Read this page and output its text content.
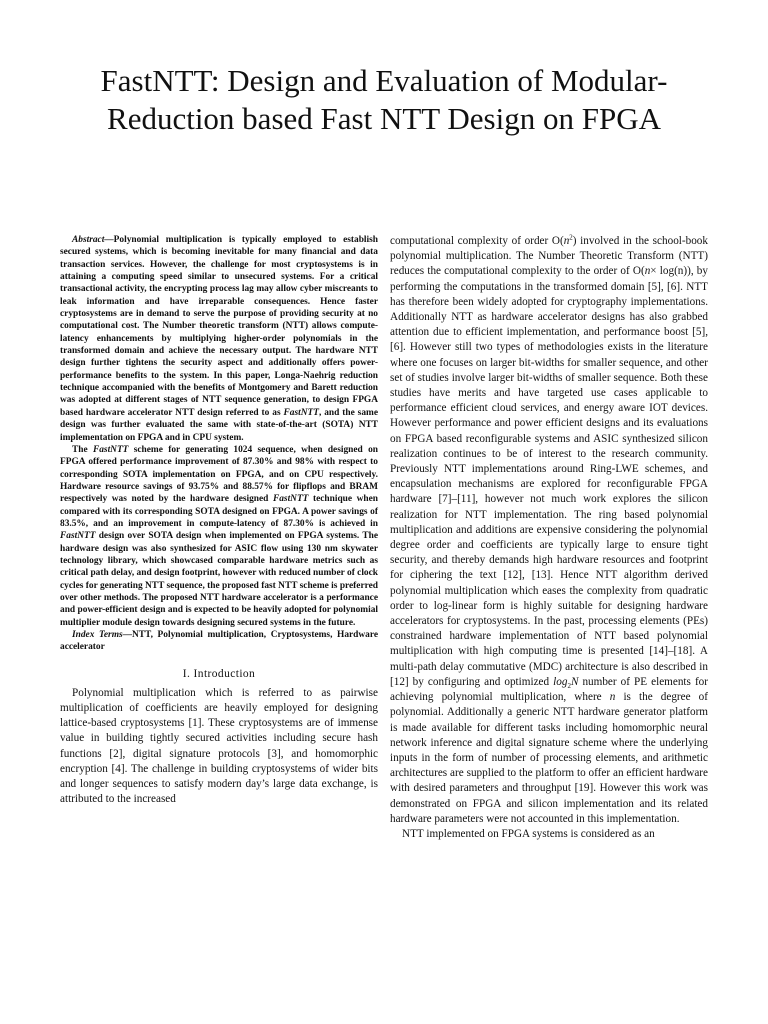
FastNTT: Design and Evaluation of Modular-Reduction based Fast NTT Design on FPGA

Abstract—Polynomial multiplication is typically employed to establish secured systems, which is becoming inevitable for many financial and data transaction services. However, the challenge for most cryptosystems is in attaining a computing speed similar to unsecured systems. For a critical transactional activity, the encrypting process lag may allow cyber miscreants to leak information and have irreparable consequences. Hence faster cryptosystems are in demand to serve the purpose of providing security at no computational cost. The Number theoretic transform (NTT) allows compute-latency enhancements by multiplying higher-order polynomials in the transformed domain and achieve the necessary output. The hardware NTT design further tightens the security aspect and additionally offers power-performance benefits to the system. In this paper, Longa-Naehrig reduction technique accompanied with the benefits of Montgomery and Barett reduction was adopted at different stages of NTT sequence generation, to design FPGA based hardware accelerator NTT design referred to as FastNTT, and the same design was further evaluated the same with state-of-the-art (SOTA) NTT implementation on FPGA and in CPU system.

The FastNTT scheme for generating 1024 sequence, when designed on FPGA offered performance improvement of 87.30% and 98% with respect to corresponding SOTA implementation on FPGA, and on CPU respectively. Hardware resource savings of 93.75% and 88.57% for flipflops and BRAM respectively was noted by the hardware designed FastNTT technique when compared with its corresponding SOTA designed on FPGA. A power savings of 83.5%, and an improvement in compute-latency of 87.30% is achieved in FastNTT design over SOTA design when implemented on FPGA systems. The hardware design was also synthesized for ASIC flow using 130 nm skywater technology library, which showcased comparable hardware metrics such as critical path delay, and design footprint, however with reduced number of clock cycles for generating NTT sequence, the proposed fast NTT scheme is preferred over other methods. The proposed NTT hardware accelerator is a performance and power-efficient design and is expected to be heavily adopted for polynomial multiplier module design towards designing secured systems in the future.

Index Terms—NTT, Polynomial multiplication, Cryptosystems, Hardware accelerator

I. Introduction

Polynomial multiplication which is referred to as pairwise multiplication of coefficients are heavily employed for designing lattice-based cryptosystems [1]. These cryptosystems are of immense value in building tightly secured activities including secure hash functions [2], digital signature protocols [3], and homomorphic encryption [4]. The challenge in building cryptosystems of wider bits and longer sequences to satisfy modern day’s large data exchange, is attributed to the increased

computational complexity of order $O(n^2)$ involved in the school-book polynomial multiplication. The Number Theoretic Transform (NTT) reduces the computational complexity to the order of O(n× log(n)), by performing the computations in the transformed domain [5], [6]. NTT has therefore been widely adopted for cryptography implementations. Additionally NTT as hardware accelerator designs has also grabbed attention due to efficient implementation, and performance boost [5], [6]. However still two types of methodologies exists in the literature where one focuses on larger bit-widths for smaller sequence, and other set of studies involve larger bit-widths of smaller sequence. Both these studies have merits and have targeted use cases applicable to performance efficient cloud services, and energy aware IOT devices. However performance and power efficient designs and its evaluations on FPGA based reconfigurable systems and ASIC synthesized silicon realization continues to be of interest to the research community. Previously NTT implementations around Ring-LWE schemes, and encapsulation mechanisms are explored for reconfigurable FPGA hardware [7]–[11], however not much work explores the silicon realization for NTT implementation. The ring based polynomial multiplication and additions are expensive considering the polynomial degree order and coefficients are typically large to ensure tight security, and thereby demands high hardware resources and footprint for ciphering the text [12], [13]. Hence NTT algorithm derived polynomial multiplication which eases the complexity from quadratic order to log-linear form is highly suitable for designing hardware accelerators for cryptosystems. In the past, processing elements (PEs) constrained hardware implementation of NTT based polynomial multiplication with high computing time is presented [14]–[18]. A multi-path delay commutative (MDC) architecture is also described in [12] by configuring and optimized $\log_2N$ number of PE elements for achieving polynomial multiplication, where n is the degree of polynomial. Additionally a generic NTT hardware generator platform is made available for different tasks including homomorphic neural network inference and digital signature scheme where the underlying inputs in the form of number of processing elements, and arithmetic architectures are supplied to the platform to offer an efficient hardware with desired parameters and throughput [19]. However this work was demonstrated on FPGA and silicon implementation and its related hardware parameters were not accounted in this implementation.

NTT implemented on FPGA systems is considered as an
